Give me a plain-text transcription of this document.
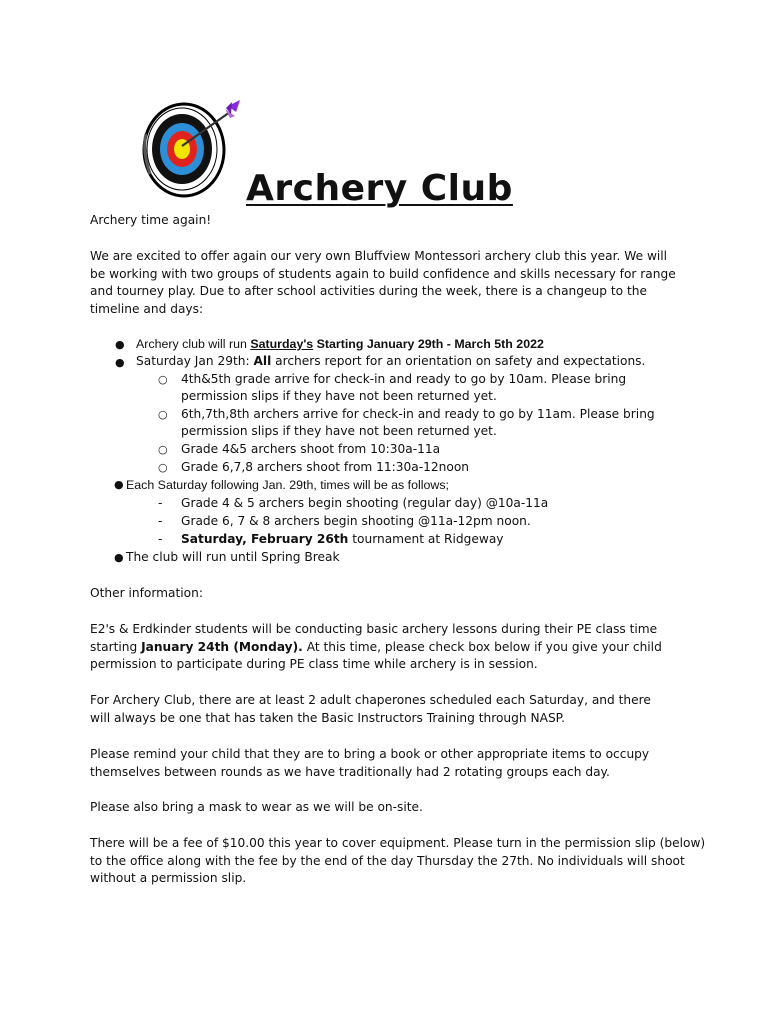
Archery Club
Archery time again!
We are excited to offer again our very own Bluffview Montessori archery club this year. We will
be working with two groups of students again to build confidence and skills necessary for range
and tourney play. Due to after school activities during the week, there is a changeup to the
timeline and days:
● Archery club will run Saturday's Starting January 29th - March 5th 2022
● Saturday Jan 29th: All archers report for an orientation on safety and expectations.
○ 4th&5th grade arrive for check-in and ready to go by 10am. Please bring
permission slips if they have not been returned yet.
○ 6th,7th,8th archers arrive for check-in and ready to go by 11am. Please bring
permission slips if they have not been returned yet.
○ Grade 4&5 archers shoot from 10:30a-11a
○ Grade 6,7,8 archers shoot from 11:30a-12noon
● Each Saturday following Jan. 29th, times will be as follows;
- Grade 4 & 5 archers begin shooting (regular day) @10a-11a
- Grade 6, 7 & 8 archers begin shooting @11a-12pm noon.
- Saturday, February 26th tournament at Ridgeway
● The club will run until Spring Break
Other information:
E2's & Erdkinder students will be conducting basic archery lessons during their PE class time
starting January 24th (Monday). At this time, please check box below if you give your child
permission to participate during PE class time while archery is in session.
For Archery Club, there are at least 2 adult chaperones scheduled each Saturday, and there
will always be one that has taken the Basic Instructors Training through NASP.
Please remind your child that they are to bring a book or other appropriate items to occupy
themselves between rounds as we have traditionally had 2 rotating groups each day.
Please also bring a mask to wear as we will be on-site.
There will be a fee of $10.00 this year to cover equipment. Please turn in the permission slip (below)
to the office along with the fee by the end of the day Thursday the 27th. No individuals will shoot
without a permission slip.
